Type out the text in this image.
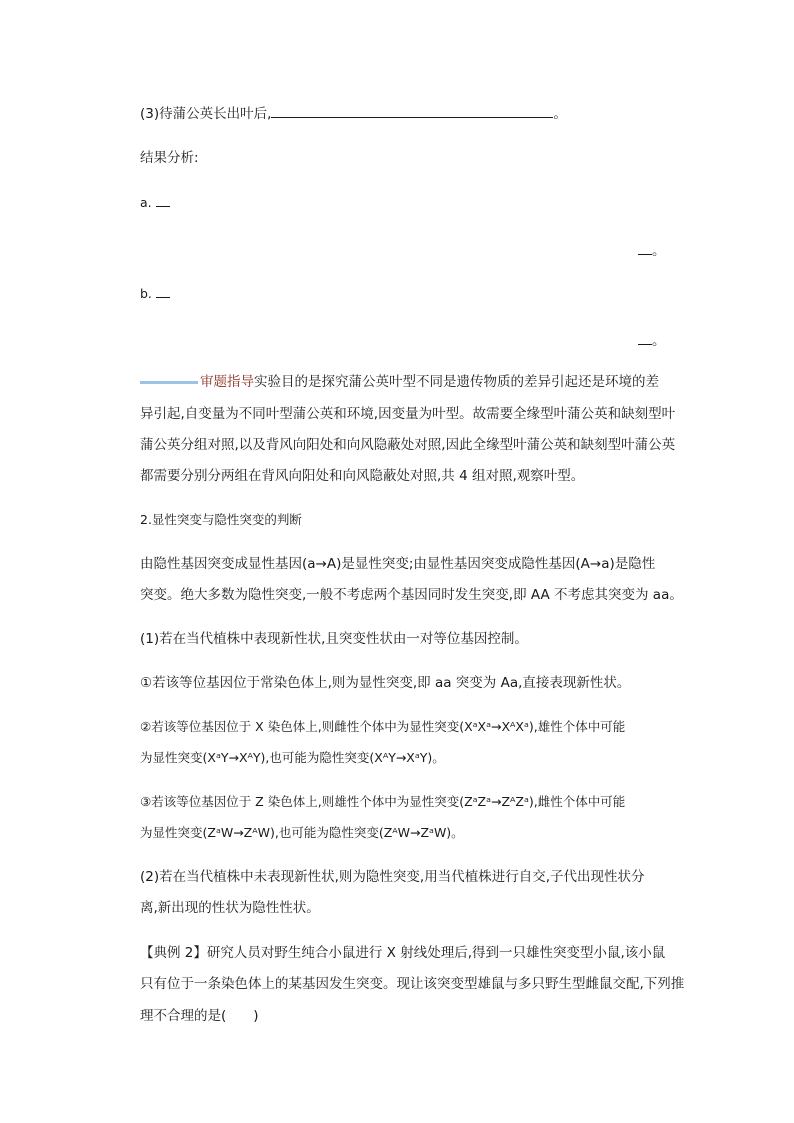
(3)待蒲公英长出叶后,	。
结果分析:
a.
。
b.
。
审题指导实验目的是探究蒲公英叶型不同是遗传物质的差异引起还是环境的差
异引起,自变量为不同叶型蒲公英和环境,因变量为叶型。故需要全缘型叶蒲公英和缺刻型叶
蒲公英分组对照,以及背风向阳处和向风隐蔽处对照,因此全缘型叶蒲公英和缺刻型叶蒲公英
都需要分别分两组在背风向阳处和向风隐蔽处对照,共 4 组对照,观察叶型。
2.显性突变与隐性突变的判断
由隐性基因突变成显性基因(a→A)是显性突变;由显性基因突变成隐性基因(A→a)是隐性
突变。绝大多数为隐性突变,一般不考虑两个基因同时发生突变,即 AA 不考虑其突变为 aa。
(1)若在当代植株中表现新性状,且突变性状由一对等位基因控制。
①若该等位基因位于常染色体上,则为显性突变,即 aa 突变为 Aa,直接表现新性状。
②若该等位基因位于 X 染色体上,则雌性个体中为显性突变(XᵃXᵃ→XᴬXᵃ),雄性个体中可能
为显性突变(XᵃY→XᴬY),也可能为隐性突变(XᴬY→XᵃY)。
③若该等位基因位于 Z 染色体上,则雄性个体中为显性突变(ZᵃZᵃ→ZᴬZᵃ),雌性个体中可能
为显性突变(ZᵃW→ZᴬW),也可能为隐性突变(ZᴬW→ZᵃW)。
(2)若在当代植株中未表现新性状,则为隐性突变,用当代植株进行自交,子代出现性状分
离,新出现的性状为隐性性状。
【典例 2】研究人员对野生纯合小鼠进行 X 射线处理后,得到一只雄性突变型小鼠,该小鼠
只有位于一条染色体上的某基因发生突变。现让该突变型雄鼠与多只野生型雌鼠交配,下列推
理不合理的是(　　)
